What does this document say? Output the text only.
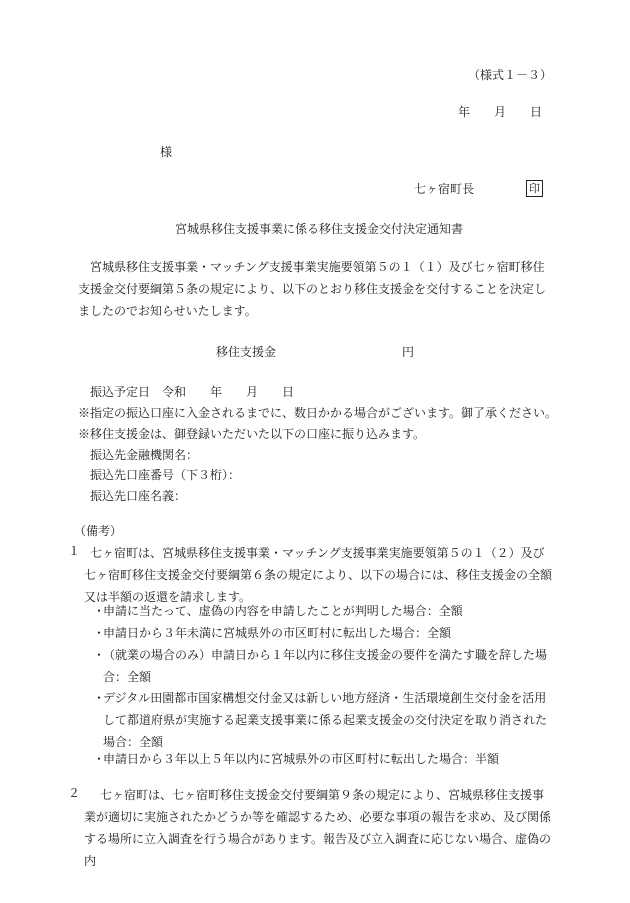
（様式１－３）
年　　月　　日
様
七ヶ宿町長	印
宮城県移住支援事業に係る移住支援金交付決定通知書
宮城県移住支援事業・マッチング支援事業実施要領第５の１（１）及び七ヶ宿町移住支援金交付要綱第５条の規定により、以下のとおり移住支援金を交付することを決定しましたのでお知らせいたします。
移住支援金	円
振込予定日　令和　　年　　月　　日
※指定の振込口座に入金されるまでに、数日かかる場合がございます。御了承ください。
※移住支援金は、御登録いただいた以下の口座に振り込みます。
振込先金融機関名：
振込先口座番号（下３桁）：
振込先口座名義：
（備考）
１ 七ヶ宿町は、宮城県移住支援事業・マッチング支援事業実施要領第５の１（２）及び七ヶ宿町移住支援金交付要綱第６条の規定により、以下の場合には、移住支援金の全額又は半額の返還を請求します。
・
申請に当たって、虚偽の内容を申請したことが判明した場合：全額
・
申請日から３年未満に宮城県外の市区町村に転出した場合：全額
・
（就業の場合のみ）申請日から１年以内に移住支援金の要件を満たす職を辞した場合：全額
・
デジタル田園都市国家構想交付金又は新しい地方経済・生活環境創生交付金を活用して都道府県が実施する起業支援事業に係る起業支援金の交付決定を取り消された場合：全額
・
申請日から３年以上５年以内に宮城県外の市区町村に転出した場合：半額
２	七ヶ宿町は、七ヶ宿町移住支援金交付要綱第９条の規定により、宮城県移住支援事業が適切に実施されたかどうか等を確認するため、必要な事項の報告を求め、及び関係する場所に立入調査を行う場合があります。報告及び立入調査に応じない場合、虚偽の内
